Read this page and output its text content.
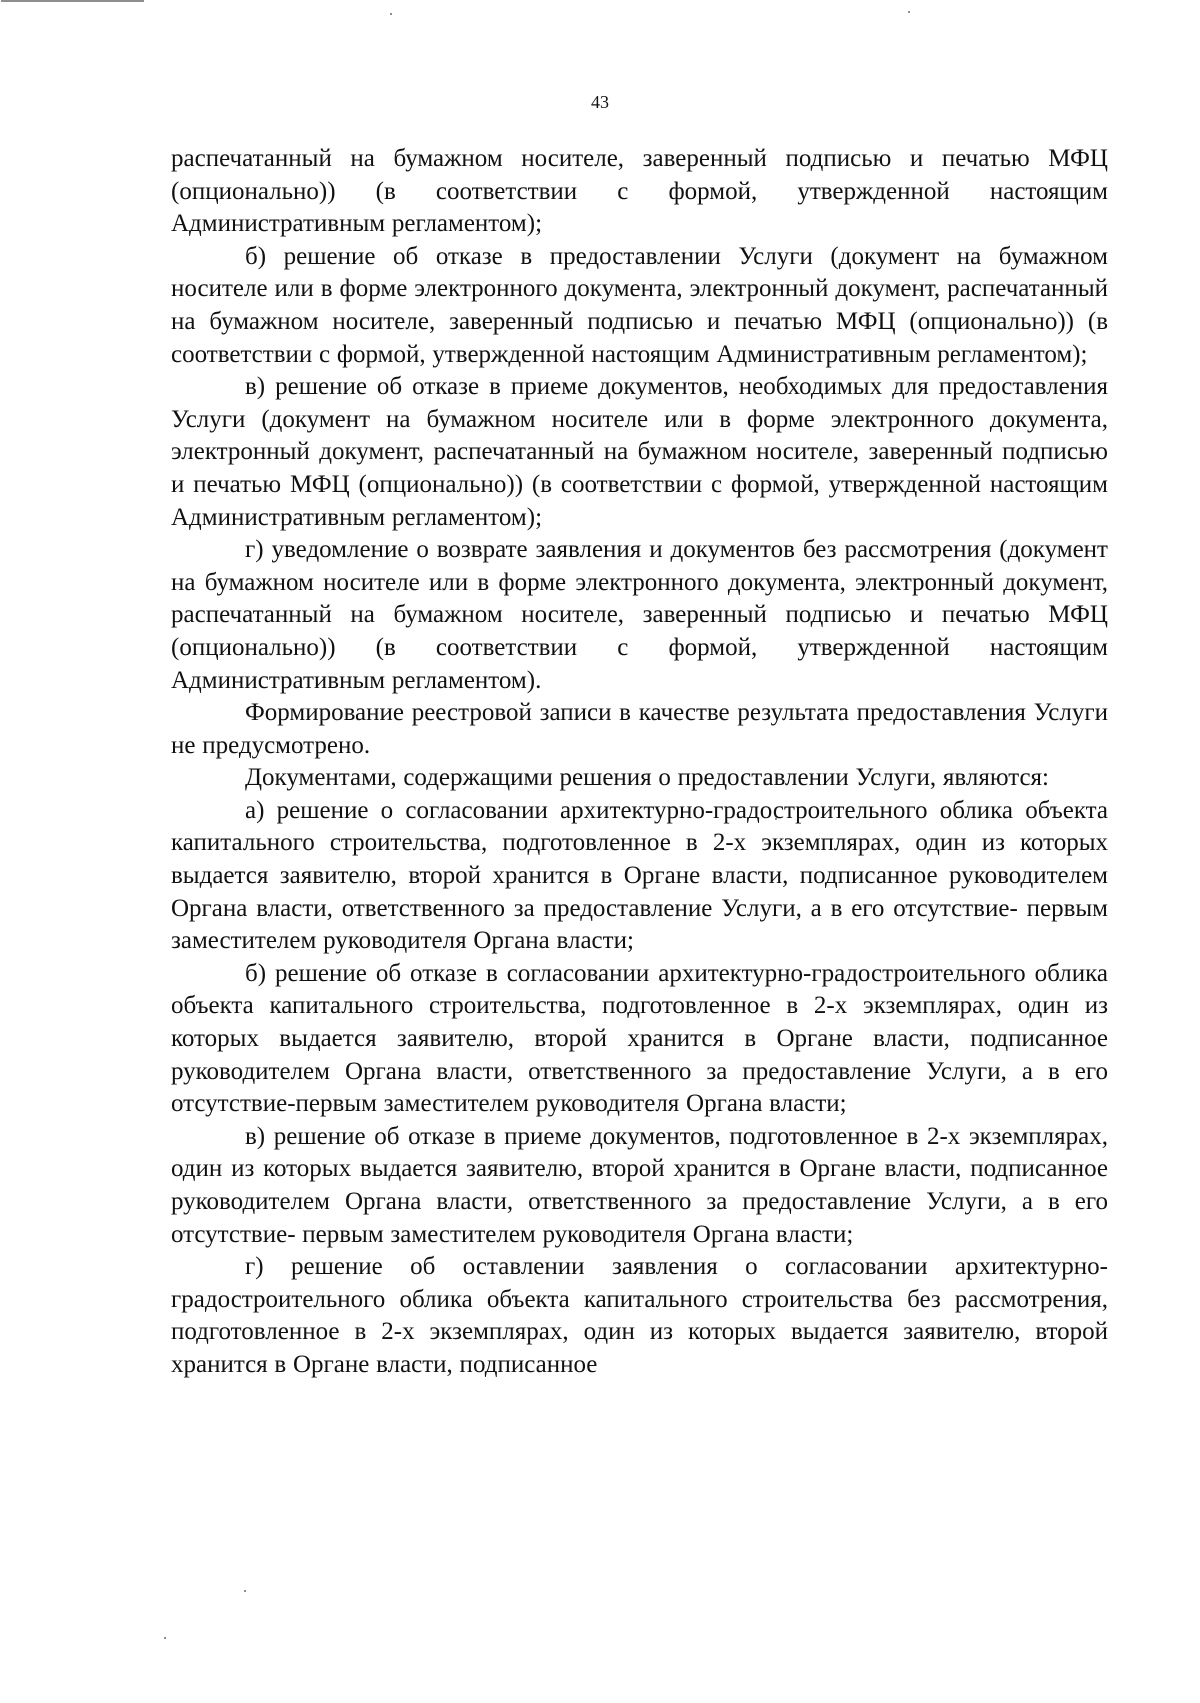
43

распечатанный на бумажном носителе, заверенный подписью и печатью МФЦ (опционально)) (в соответствии с формой, утвержденной настоящим Административным регламентом);

б) решение об отказе в предоставлении Услуги (документ на бумажном носителе или в форме электронного документа, электронный документ, распечатанный на бумажном носителе, заверенный подписью и печатью МФЦ (опционально)) (в соответствии с формой, утвержденной настоящим Административным регламентом);

в) решение об отказе в приеме документов, необходимых для предоставления Услуги (документ на бумажном носителе или в форме электронного документа, электронный документ, распечатанный на бумажном носителе, заверенный подписью и печатью МФЦ (опционально)) (в соответствии с формой, утвержденной настоящим Административным регламентом);

г) уведомление о возврате заявления и документов без рассмотрения (документ на бумажном носителе или в форме электронного документа, электронный документ, распечатанный на бумажном носителе, заверенный подписью и печатью МФЦ (опционально)) (в соответствии с формой, утвержденной настоящим Административным регламентом).

Формирование реестровой записи в качестве результата предоставления Услуги не предусмотрено.

Документами, содержащими решения о предоставлении Услуги, являются:

а) решение о согласовании архитектурно-градостроительного облика объекта капитального строительства, подготовленное в 2-х экземплярах, один из которых выдается заявителю, второй хранится в Органе власти, подписанное руководителем Органа власти, ответственного за предоставление Услуги, а в его отсутствие- первым заместителем руководителя Органа власти;

б) решение об отказе в согласовании архитектурно-градостроительного облика объекта капитального строительства, подготовленное в 2-х экземплярах, один из которых выдается заявителю, второй хранится в Органе власти, подписанное руководителем Органа власти, ответственного за предоставление Услуги, а в его отсутствие-первым заместителем руководителя Органа власти;

в) решение об отказе в приеме документов, подготовленное в 2-х экземплярах, один из которых выдается заявителю, второй хранится в Органе власти, подписанное руководителем Органа власти, ответственного за предоставление Услуги, а в его отсутствие- первым заместителем руководителя Органа власти;

г) решение об оставлении заявления о согласовании архитектурно-градостроительного облика объекта капитального строительства без рассмотрения, подготовленное в 2-х экземплярах, один из которых выдается заявителю, второй хранится в Органе власти, подписанное
